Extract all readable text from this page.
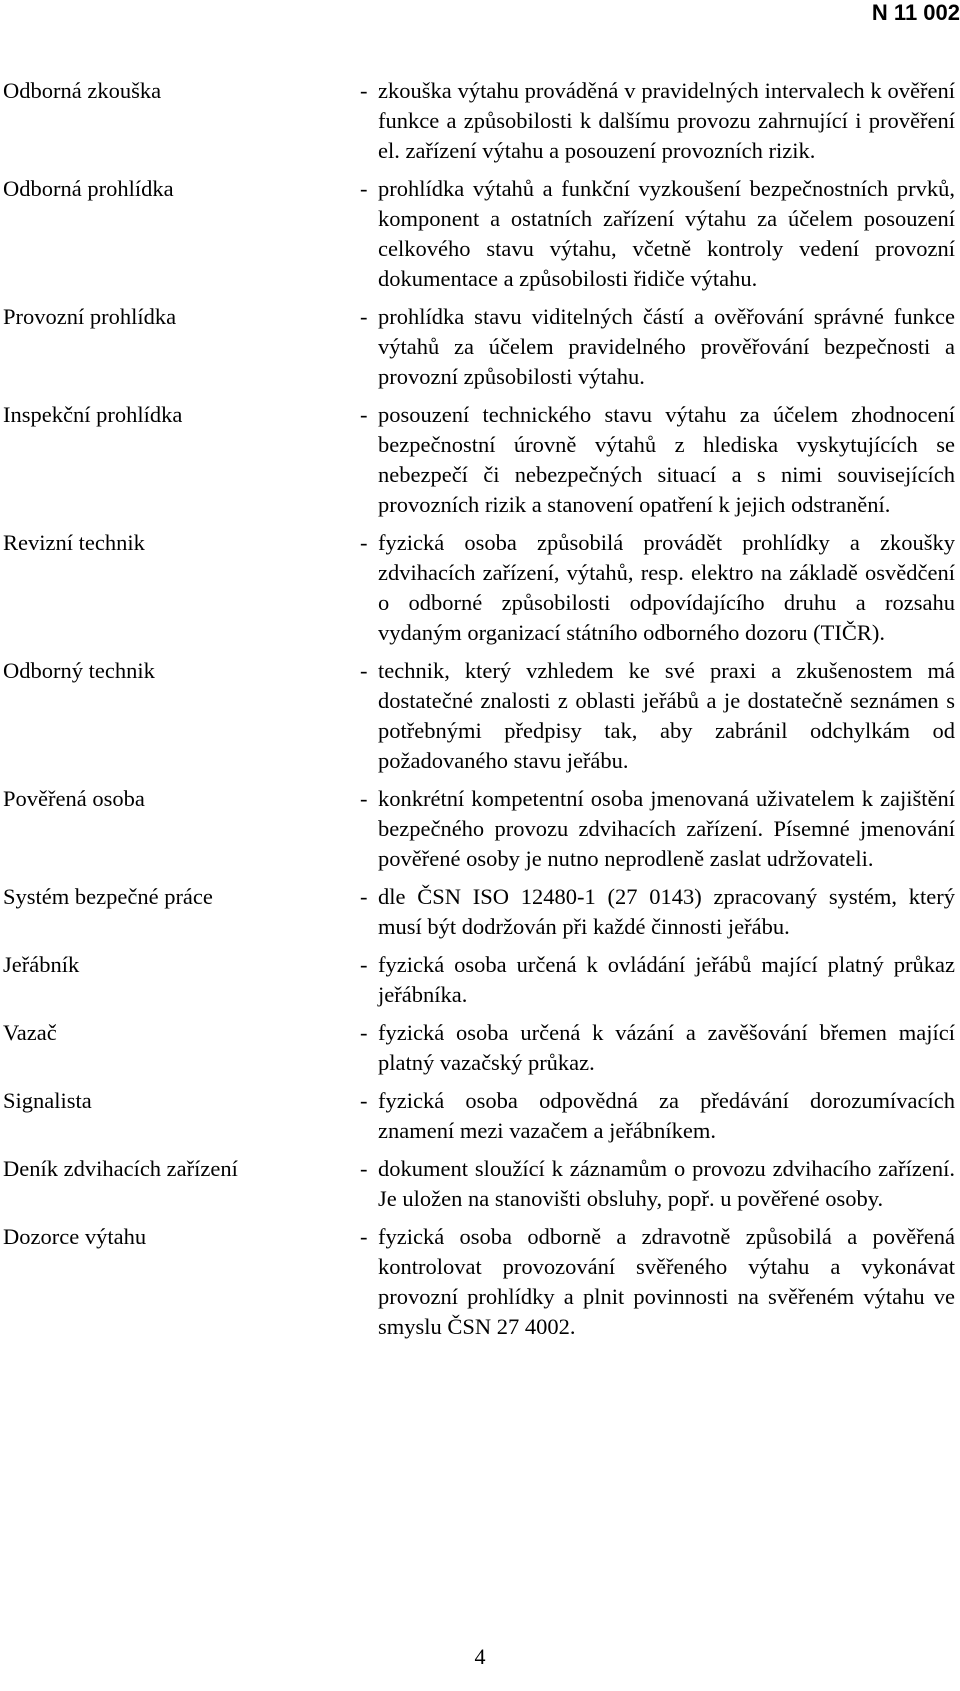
N 11 002
Odborná zkouška	- zkouška výtahu prováděná v pravidelných intervalech k ověření funkce a způsobilosti k dalšímu provozu zahrnující i prověření el. zařízení výtahu a posouzení provozních rizik.
Odborná prohlídka	- prohlídka výtahů a funkční vyzkoušení bezpečnostních prvků, komponent a ostatních zařízení výtahu za účelem posouzení celkového stavu výtahu, včetně kontroly vedení provozní dokumentace a způsobilosti řidiče výtahu.
Provozní prohlídka	- prohlídka stavu viditelných částí a ověřování správné funkce výtahů za účelem pravidelného prověřování bezpečnosti a provozní způsobilosti výtahu.
Inspekční prohlídka	- posouzení technického stavu výtahu za účelem zhodnocení bezpečnostní úrovně výtahů z hlediska vyskytujících se nebezpečí či nebezpečných situací a s nimi souvisejících provozních rizik a stanovení opatření k jejich odstranění.
Revizní technik	- fyzická osoba způsobilá provádět prohlídky a zkoušky zdvihacích zařízení, výtahů, resp. elektro na základě osvědčení o odborné způsobilosti odpovídajícího druhu a rozsahu vydaným organizací státního odborného dozoru (TIČR).
Odborný technik	- technik, který vzhledem ke své praxi a zkušenostem má dostatečné znalosti z oblasti jeřábů a je dostatečně seznámen s potřebnými předpisy tak, aby zabránil odchylkám od požadovaného stavu jeřábu.
Pověřená osoba	- konkrétní kompetentní osoba jmenovaná uživatelem k zajištění bezpečného provozu zdvihacích zařízení. Písemné jmenování pověřené osoby je nutno neprodleně zaslat udržovateli.
Systém bezpečné práce	- dle ČSN ISO 12480-1 (27 0143) zpracovaný systém, který musí být dodržován při každé činnosti jeřábu.
Jeřábník	- fyzická osoba určená k ovládání jeřábů mající platný průkaz jeřábníka.
Vazač	- fyzická osoba určená k vázání a zavěšování břemen mající platný vazačský průkaz.
Signalista	- fyzická osoba odpovědná za předávání dorozumívacích znamení mezi vazačem a jeřábníkem.
Deník zdvihacích zařízení	- dokument sloužící k záznamům o provozu zdvihacího zařízení. Je uložen na stanovišti obsluhy, popř. u pověřené osoby.
Dozorce výtahu	- fyzická osoba odborně a zdravotně způsobilá a pověřená kontrolovat provozování svěřeného výtahu a vykonávat provozní prohlídky a plnit povinnosti na svěřeném výtahu ve smyslu ČSN 27 4002.
4
